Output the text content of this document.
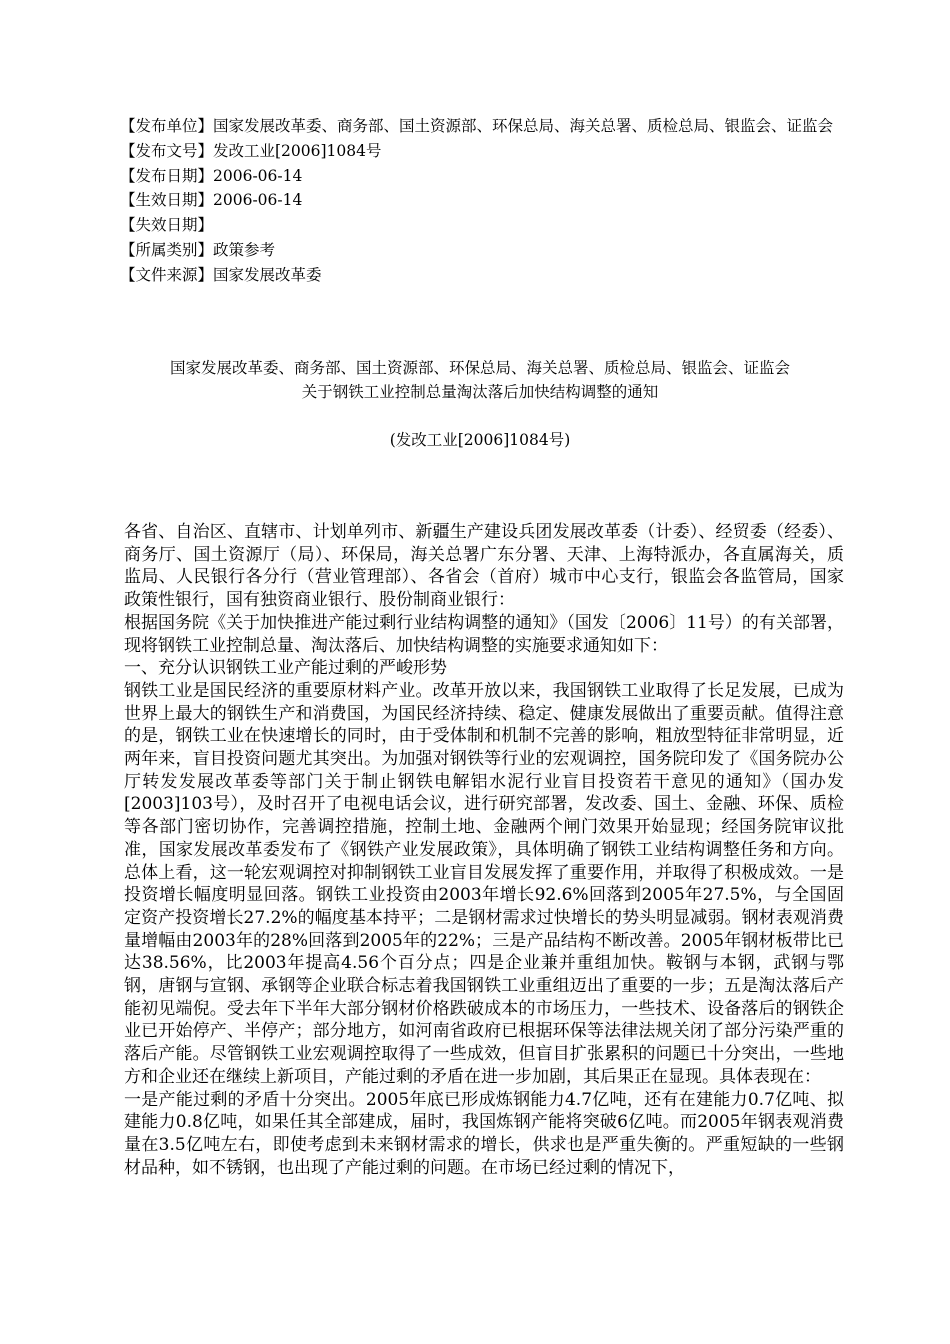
【发布单位】国家发展改革委、商务部、国土资源部、环保总局、海关总署、质检总局、银监会、证监会
【发布文号】发改工业[2006]1084号
【发布日期】2006-06-14
【生效日期】2006-06-14
【失效日期】
【所属类别】政策参考
【文件来源】国家发展改革委
国家发展改革委、商务部、国土资源部、环保总局、海关总署、质检总局、银监会、证监会
关于钢铁工业控制总量淘汰落后加快结构调整的通知
(发改工业[2006]1084号)

各省、自治区、直辖市、计划单列市、新疆生产建设兵团发展改革委（计委）、经贸委（经委）、商务厅、国土资源厅（局）、环保局，海关总署广东分署、天津、上海特派办，各直属海关，质监局、人民银行各分行（营业管理部）、各省会（首府）城市中心支行，银监会各监管局，国家政策性银行，国有独资商业银行、股份制商业银行：

根据国务院《关于加快推进产能过剩行业结构调整的通知》（国发〔2006〕11号）的有关部署，现将钢铁工业控制总量、淘汰落后、加快结构调整的实施要求通知如下：

一、充分认识钢铁工业产能过剩的严峻形势

钢铁工业是国民经济的重要原材料产业。改革开放以来，我国钢铁工业取得了长足发展，已成为世界上最大的钢铁生产和消费国，为国民经济持续、稳定、健康发展做出了重要贡献。值得注意的是，钢铁工业在快速增长的同时，由于受体制和机制不完善的影响，粗放型特征非常明显，近两年来，盲目投资问题尤其突出。为加强对钢铁等行业的宏观调控，国务院印发了《国务院办公厅转发发展改革委等部门关于制止钢铁电解铝水泥行业盲目投资若干意见的通知》（国办发[2003]103号），及时召开了电视电话会议，进行研究部署，发改委、国土、金融、环保、质检等各部门密切协作，完善调控措施，控制土地、金融两个闸门效果开始显现；经国务院审议批准，国家发展改革委发布了《钢铁产业发展政策》，具体明确了钢铁工业结构调整任务和方向。总体上看，这一轮宏观调控对抑制钢铁工业盲目发展发挥了重要作用，并取得了积极成效。一是投资增长幅度明显回落。钢铁工业投资由2003年增长92.6%回落到2005年27.5%，与全国固定资产投资增长27.2%的幅度基本持平；二是钢材需求过快增长的势头明显减弱。钢材表观消费量增幅由2003年的28%回落到2005年的22%；三是产品结构不断改善。2005年钢材板带比已达38.56%，比2003年提高4.56个百分点；四是企业兼并重组加快。鞍钢与本钢，武钢与鄂钢，唐钢与宣钢、承钢等企业联合标志着我国钢铁工业重组迈出了重要的一步；五是淘汰落后产能初见端倪。受去年下半年大部分钢材价格跌破成本的市场压力，一些技术、设备落后的钢铁企业已开始停产、半停产；部分地方，如河南省政府已根据环保等法律法规关闭了部分污染严重的落后产能。尽管钢铁工业宏观调控取得了一些成效，但盲目扩张累积的问题已十分突出，一些地方和企业还在继续上新项目，产能过剩的矛盾在进一步加剧，其后果正在显现。具体表现在：

一是产能过剩的矛盾十分突出。2005年底已形成炼钢能力4.7亿吨，还有在建能力0.7亿吨、拟建能力0.8亿吨，如果任其全部建成，届时，我国炼钢产能将突破6亿吨。而2005年钢表观消费量在3.5亿吨左右，即使考虑到未来钢材需求的增长，供求也是严重失衡的。严重短缺的一些钢材品种，如不锈钢，也出现了产能过剩的问题。在市场已经过剩的情况下，
